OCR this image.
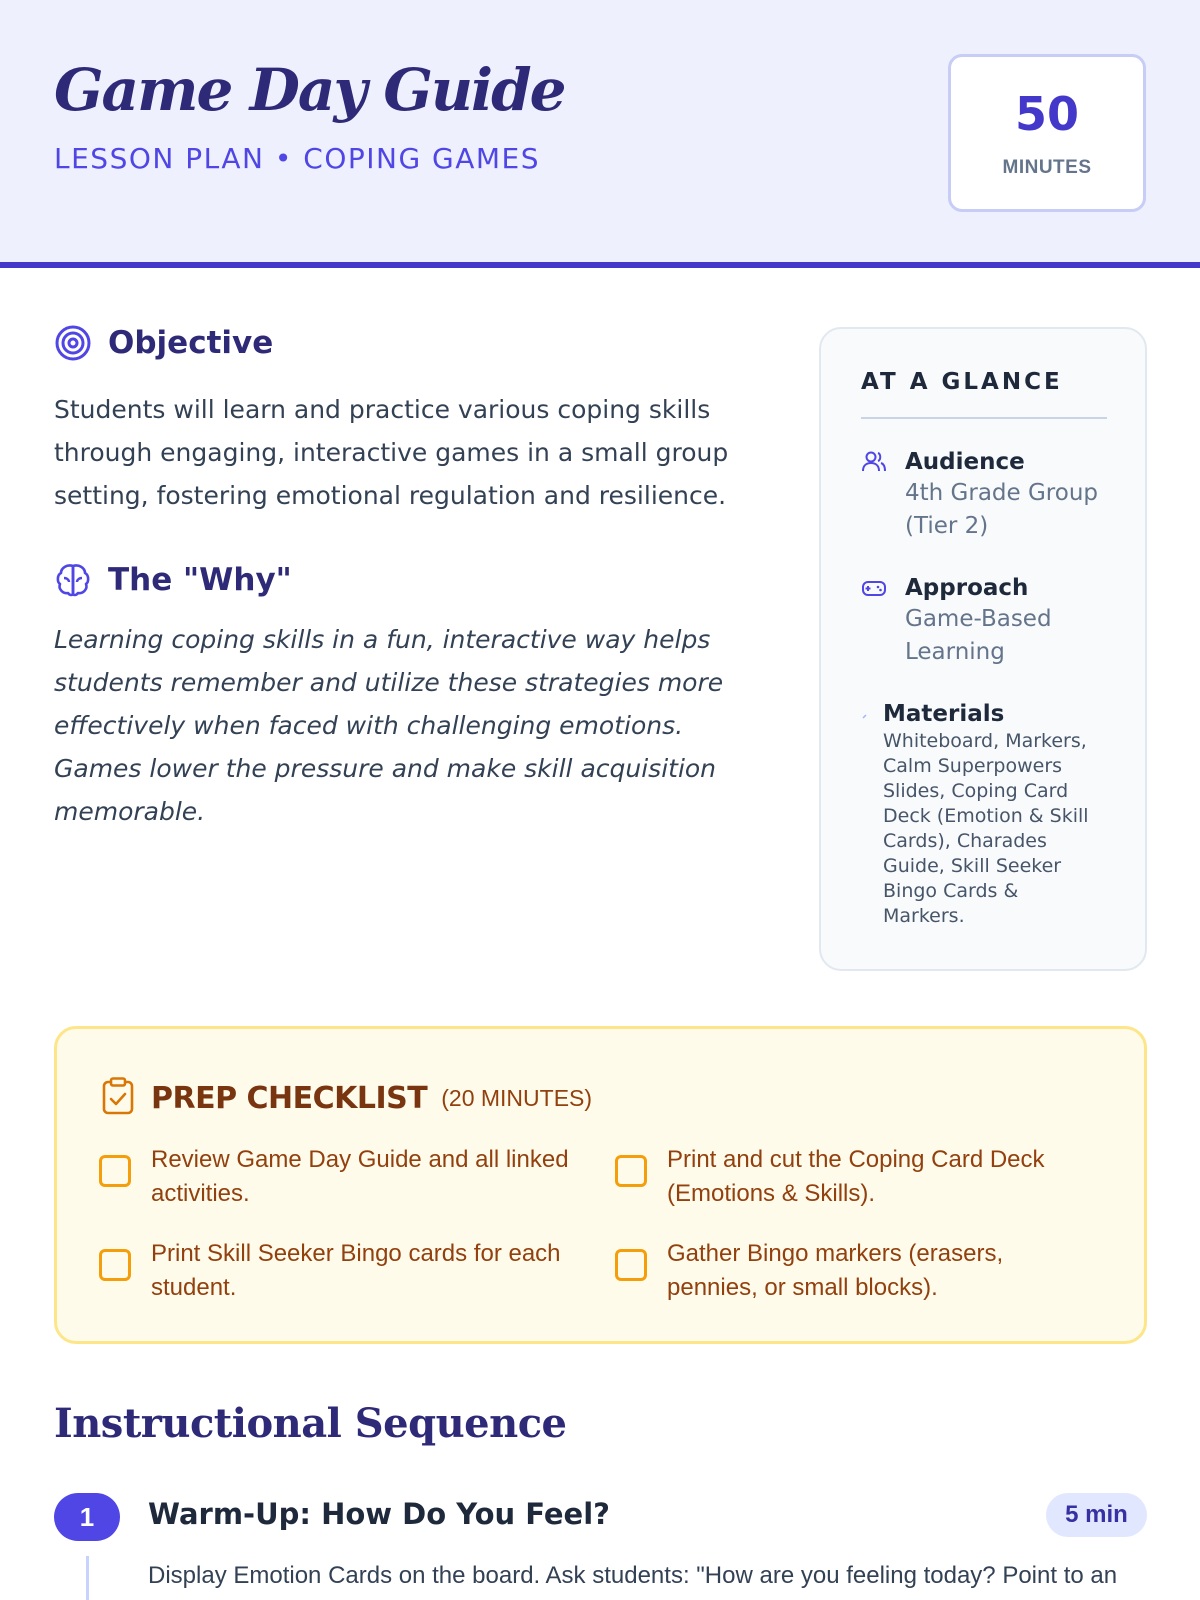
Game Day Guide
LESSON PLAN • COPING GAMES
50
MINUTES
Objective
Students will learn and practice various coping skills through engaging, interactive games in a small group setting, fostering emotional regulation and resilience.
The "Why"
Learning coping skills in a fun, interactive way helps students remember and utilize these strategies more effectively when faced with challenging emotions. Games lower the pressure and make skill acquisition memorable.
AT A GLANCE
Audience
4th Grade Group (Tier 2)
Approach
Game-Based Learning
Materials
Whiteboard, Markers, Calm Superpowers Slides, Coping Card Deck (Emotion & Skill Cards), Charades Guide, Skill Seeker Bingo Cards & Markers.
PREP CHECKLIST (20 MINUTES)
Review Game Day Guide and all linked activities.
Print and cut the Coping Card Deck (Emotions & Skills).
Print Skill Seeker Bingo cards for each student.
Gather Bingo markers (erasers, pennies, or small blocks).
Instructional Sequence
1	Warm-Up: How Do You Feel?	5 min
Display Emotion Cards on the board. Ask students: "How are you feeling today? Point to an
